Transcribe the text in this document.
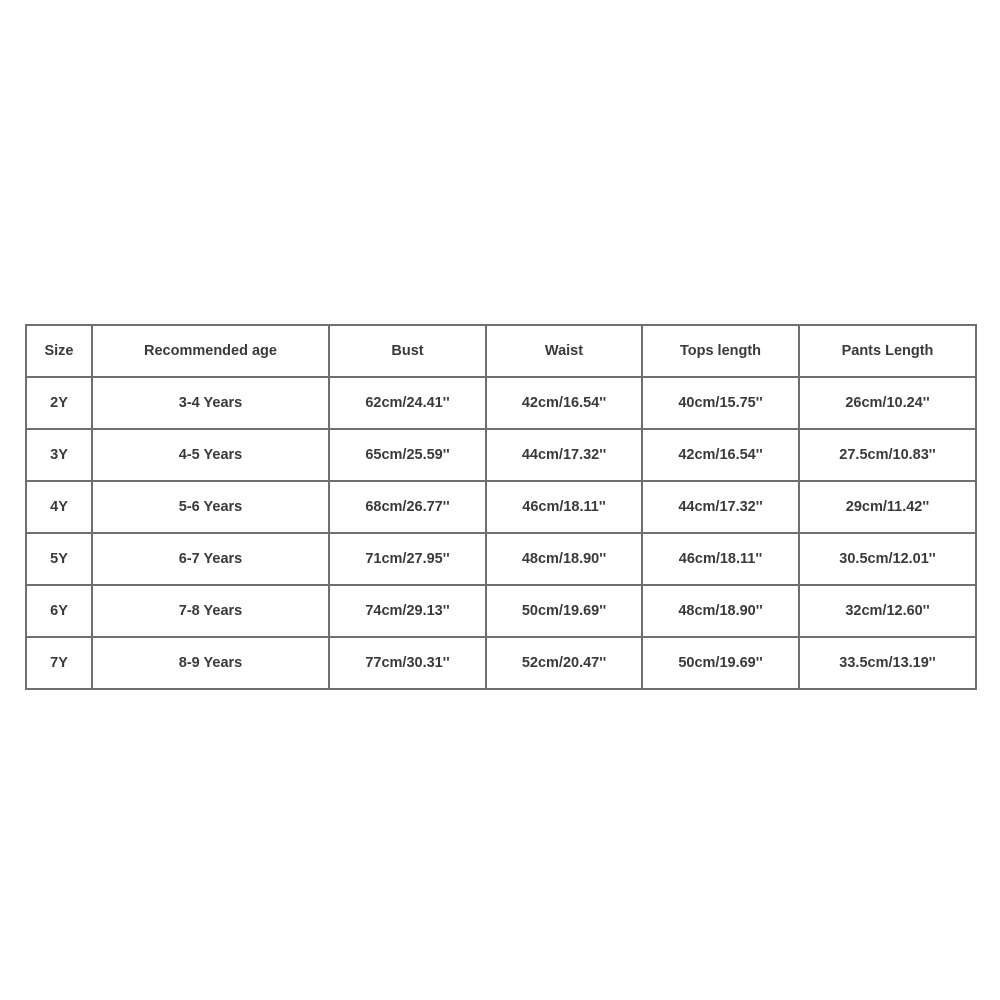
Size	Recommended age	Bust	Waist	Tops length	Pants Length
2Y	3-4 Years	62cm/24.41''	42cm/16.54''	40cm/15.75''	26cm/10.24''
3Y	4-5 Years	65cm/25.59''	44cm/17.32''	42cm/16.54''	27.5cm/10.83''
4Y	5-6 Years	68cm/26.77''	46cm/18.11''	44cm/17.32''	29cm/11.42''
5Y	6-7 Years	71cm/27.95''	48cm/18.90''	46cm/18.11''	30.5cm/12.01''
6Y	7-8 Years	74cm/29.13''	50cm/19.69''	48cm/18.90''	32cm/12.60''
7Y	8-9 Years	77cm/30.31''	52cm/20.47''	50cm/19.69''	33.5cm/13.19''
